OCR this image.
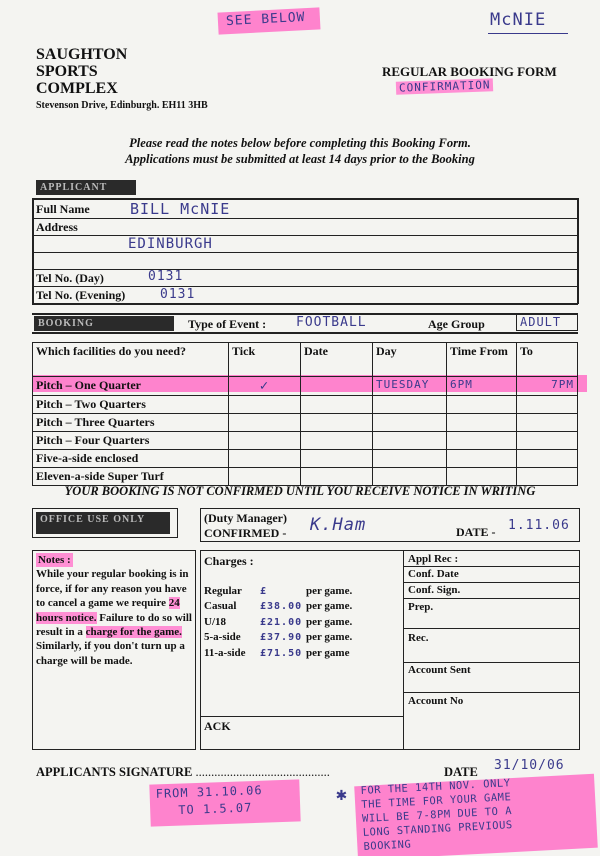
SEE BELOW	McNIE
SAUGHTON
SPORTS
COMPLEX
Stevenson Drive, Edinburgh. EH11 3HB
REGULAR BOOKING FORM
CONFIRMATION
Please read the notes below before completing this Booking Form.
Applications must be submitted at least 14 days prior to the Booking
APPLICANT
Full Name	BILL McNIE
Address
EDINBURGH
Tel No. (Day)	0131
Tel No. (Evening)	0131
BOOKING	Type of Event : FOOTBALL	Age Group	ADULT
Which facilities do you need?	Tick	Date	Day	Time From	To
Pitch – One Quarter	✓		TUESDAY	6PM	7PM
Pitch – Two Quarters					
Pitch – Three Quarters					
Pitch – Four Quarters					
Five-a-side enclosed					
Eleven-a-side Super Turf					
YOUR BOOKING IS NOT CONFIRMED UNTIL YOU RECEIVE NOTICE IN WRITING
OFFICE USE ONLY	(Duty Manager)
CONFIRMED - K.Ham	DATE - 1.11.06
Notes :
While your regular booking is in force, if for any reason you have to cancel a game we require 24 hours notice. Failure to do so will result in a charge for the game. Similarly, if you don't turn up a charge will be made.
Charges :
Regular £	per game.
Casual £38.00 per game.
U/18	£21.00 per game.
5-a-side £37.90 per game.
11-a-side £71.50 per game
ACK
Appl Rec :
Conf. Date
Conf. Sign.
Prep.
Rec.
Account Sent
Account No
APPLICANTS SIGNATURE ...........................................	DATE 31/10/06
FROM 31.10.06
TO 1.5.07
✱ FOR THE 14TH NOV. ONLY
THE TIME FOR YOUR GAME
WILL BE 7-8PM DUE TO A
LONG STANDING PREVIOUS
BOOKING
